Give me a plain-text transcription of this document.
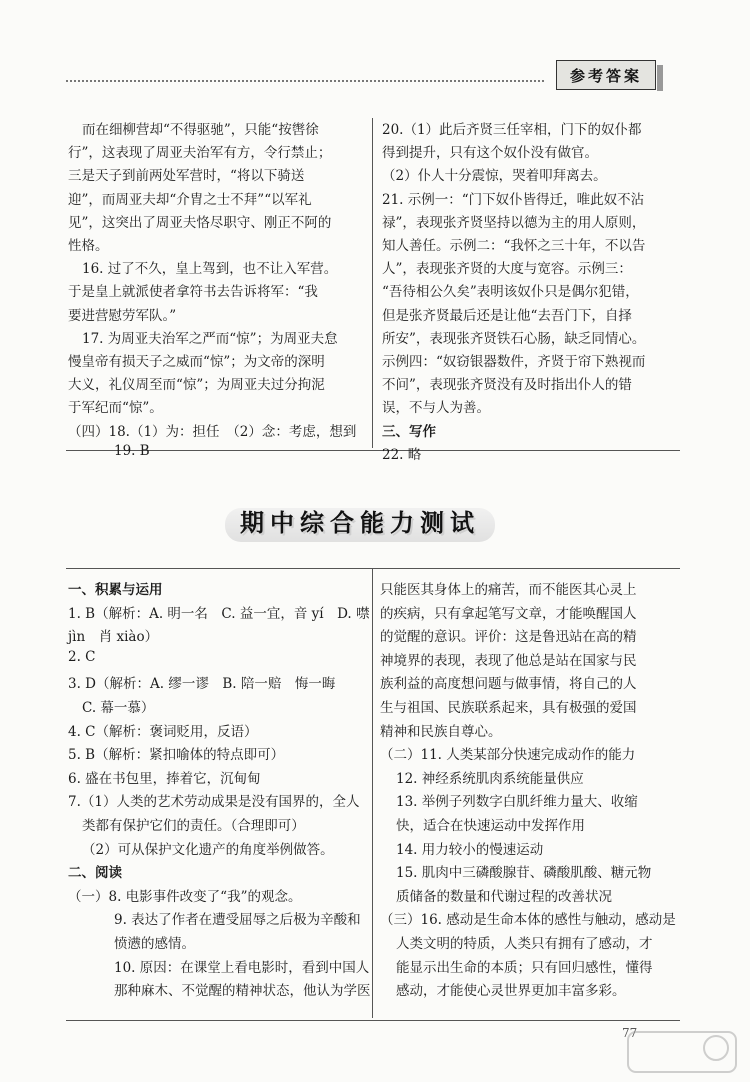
参考答案
期中综合能力测试
77
而在细柳营却“不得驱驰”，只能“按辔徐
行”，这表现了周亚夫治军有方，令行禁止；
三是天子到前两处军营时，“将以下骑送
迎”，而周亚夫却“介胄之士不拜”“以军礼
见”，这突出了周亚夫恪尽职守、刚正不阿的
性格。
16. 过了不久，皇上驾到，也不让入军营。
于是皇上就派使者拿符书去告诉将军：“我
要进营慰劳军队。”
17. 为周亚夫治军之严而“惊”；为周亚夫怠
慢皇帝有损天子之威而“惊”；为文帝的深明
大义，礼仪周至而“惊”；为周亚夫过分拘泥
于军纪而“惊”。
（四）18.（1）为：担任　（2）念：考虑，想到
19. B
20.（1）此后齐贤三任宰相，门下的奴仆都
得到提升，只有这个奴仆没有做官。
（2）仆人十分震惊，哭着叩拜离去。
21. 示例一：“门下奴仆皆得迁，唯此奴不沾
禄”，表现张齐贤坚持以德为主的用人原则，
知人善任。示例二：“我怀之三十年，不以告
人”，表现张齐贤的大度与宽容。示例三：
“吾待相公久矣”表明该奴仆只是偶尔犯错，
但是张齐贤最后还是让他“去吾门下，自择
所安”，表现张齐贤铁石心肠，缺乏同情心。
示例四：“奴窃银器数件，齐贤于帘下熟视而
不问”，表现张齐贤没有及时指出仆人的错
误，不与人为善。
三、写作
22. 略
一、积累与运用
1. B（解析：A. 明一名　C. 益一宜，音 yí　D. 噤
jìn　肖 xiào）
2. C
3. D（解析：A. 缪一谬　B. 陪一赔　悔一晦
C. 幕一慕）
4. C（解析：褒词贬用，反语）
5. B（解析：紧扣喻体的特点即可）
6. 盛在书包里，捧着它，沉甸甸
7.（1）人类的艺术劳动成果是没有国界的，全人
类都有保护它们的责任。（合理即可）
（2）可从保护文化遗产的角度举例做答。
二、阅读
（一）8. 电影事件改变了“我”的观念。
9. 表达了作者在遭受屈辱之后极为辛酸和
愤懑的感情。
10. 原因：在课堂上看电影时，看到中国人
那种麻木、不觉醒的精神状态，他认为学医
只能医其身体上的痛苦，而不能医其心灵上
的疾病，只有拿起笔写文章，才能唤醒国人
的觉醒的意识。评价：这是鲁迅站在高的精
神境界的表现，表现了他总是站在国家与民
族利益的高度想问题与做事情，将自己的人
生与祖国、民族联系起来，具有极强的爱国
精神和民族自尊心。
（二）11. 人类某部分快速完成动作的能力
12. 神经系统肌肉系统能量供应
13. 举例子列数字白肌纤维力量大、收缩
快，适合在快速运动中发挥作用
14. 用力较小的慢速运动
15. 肌肉中三磷酸腺苷、磷酸肌酸、糖元物
质储备的数量和代谢过程的改善状况
（三）16. 感动是生命本体的感性与触动，感动是
人类文明的特质，人类只有拥有了感动，才
能显示出生命的本质；只有回归感性，懂得
感动，才能使心灵世界更加丰富多彩。
